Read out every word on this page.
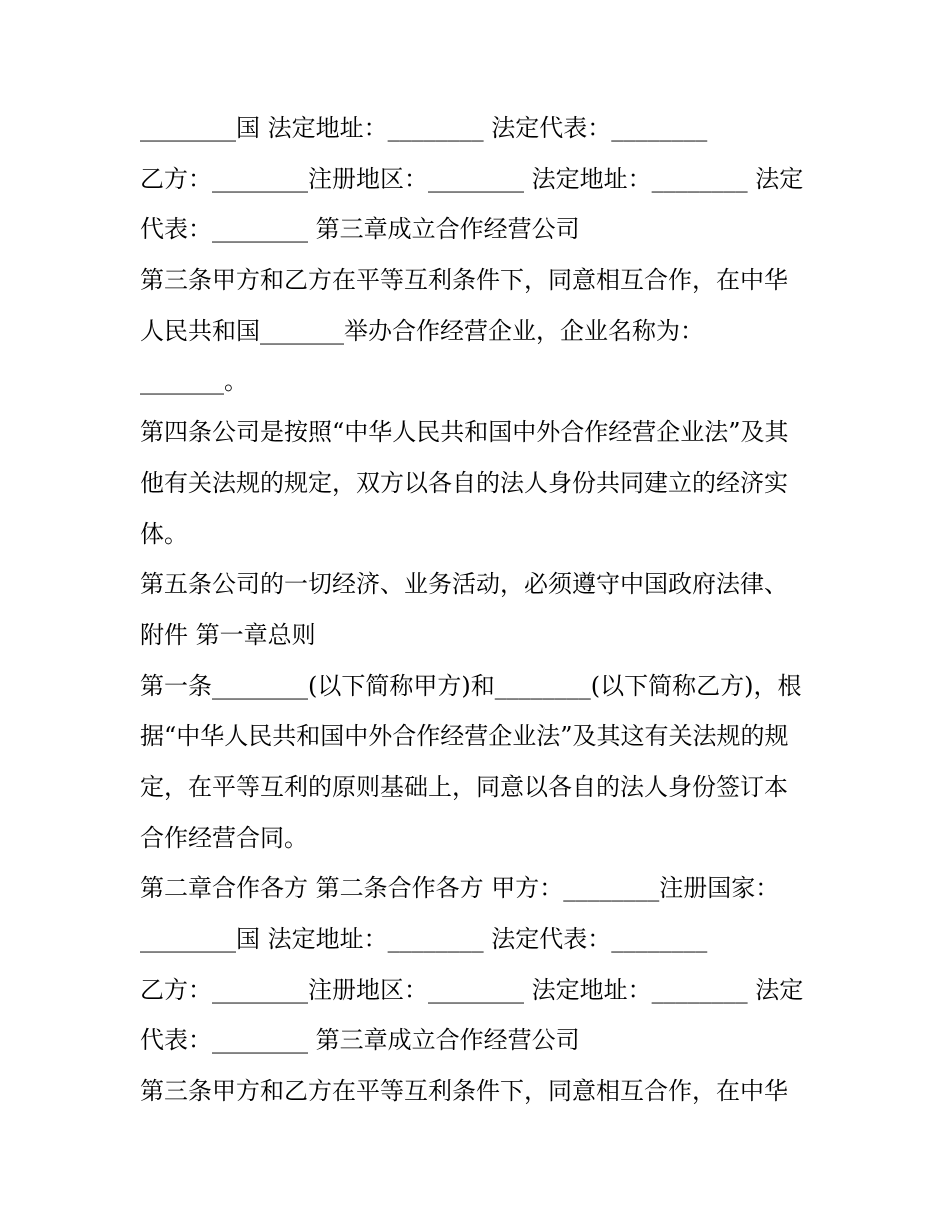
________国 法定地址：________ 法定代表：________
乙方：________注册地区：________ 法定地址：________ 法定
代表：________ 第三章成立合作经营公司
第三条甲方和乙方在平等互利条件下，同意相互合作，在中华
人民共和国_______举办合作经营企业，企业名称为：
_______。
第四条公司是按照“中华人民共和国中外合作经营企业法”及其
他有关法规的规定，双方以各自的法人身份共同建立的经济实
体。
第五条公司的一切经济、业务活动，必须遵守中国政府法律、
附件 第一章总则
第一条________(以下简称甲方)和________(以下简称乙方)，根
据“中华人民共和国中外合作经营企业法”及其这有关法规的规
定，在平等互利的原则基础上，同意以各自的法人身份签订本
合作经营合同。
第二章合作各方 第二条合作各方 甲方：________注册国家：
________国 法定地址：________ 法定代表：________
乙方：________注册地区：________ 法定地址：________ 法定
代表：________ 第三章成立合作经营公司
第三条甲方和乙方在平等互利条件下，同意相互合作，在中华
